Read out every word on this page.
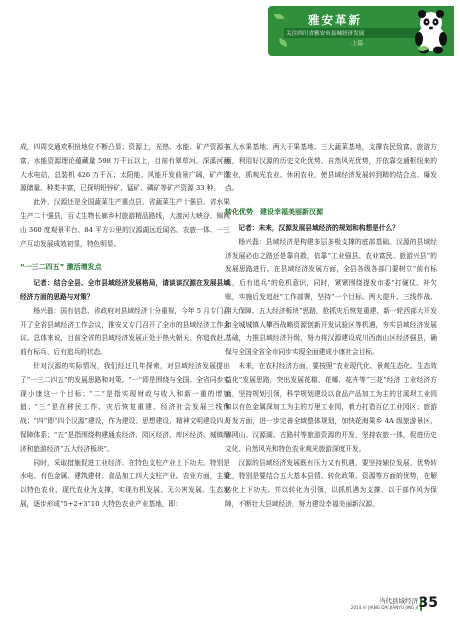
雅安革新
关注四川省雅安市县城经济发展
·上篇·

成，四周交通欢积扭地位不断凸显；资源上，光热、水能、矿产资源丰富，水能资源理论蕴藏量 598 万千瓦以上，目前有翠草河、深溪河两大水电站，总装机 426 万千瓦；太阳能、风能开发前景广阔，矿产资源储量、种类丰富，已探明铅锌矿、锰矿、磷矿等矿产资源 33 种。

此外，汉源还是全国蔬菜生产重点县、省蔬菜生产十强县、省水果生产二十强县，百丈生物长廊乡村旅游精品路线，大渡河大峡谷、锦网山 360 度观景平台、84 平方公里的汉源湖远近闻名。农旅一体、一三产互动发展成效初显，特色明显。

“一三二四五” 激活增发点

记者：结合全县、全市县域经济发展格局，请谈谈汉源在发展县域经济方面的思路与对策？

杨兴磊：国有信息、省政府对县域经济十分重视，今年 5 月专门召开了全省县域经济工作会议，推安又专门召开了全市的县域经济工作会议。总体来说，目前全省的县域经济发展正处于热火朝天、你追我赶、前有标兵、后有追兵的状态。

针对汉源的实际情况，我们经过几年探索，对县域经济发展提出了“一三二四五”的发展思路和对策。“一”即是围绕与全国、全省同步实现小康这一个目标；“二”是指实现财政与收入和新一重的增加值；“三”是在移民工作、灾后恢复重建、经济社会发展三线作战；“四”即“四个汉源”建设，作为建设、思想建设、精神文明建设四大保障体系；“五”是指围绕构建通农经济、园区经济、库区经济、城镇经济和旅游经济“五大经济板块”。

同时，采取措施促进工业经济、在特色支柱产业上下功夫。特别是水电、有色金属、建筑建材、食品加工四大支柱产业。农业方面，主要以特色农业、现代农业为支撑，实现有机发展、无公害发展、生态发展，逐步形成“5+2+3”10 大特色农业产业基地，即：

五大水果基地、两大干果基地、三大蔬菜基地，支撑农民致富。旅游方面，利用好汉源的历史文化优势、自然风光优势，并依靠交通枢纽来的农业，抓观光农业、休闲农业，使县域经济发展转到精的结合点、爆发点。

转化优势　建设幸福美丽新汉源

记者：未来，汉源发展县域经济的规划和构想是什么？

杨兴磊：县域经济是构建多层多极支撑的底部基础。汉源的县域经济发展必由之路还是靠自救，依靠“工业强县、农业富民、旅游兴县”的发展思路进行。在县域经济发展方面，全县各级各部门要树立“前有标兵，后有追兵”的危机意识，同时，紧紧围绕提发市委“打硬仗、补欠账，实施后发追赶”工作部署，坚持“一个目标、两大提升、三线作战、四大保障、五大经济板块”思路，抢抓灾后恢复重建、新一轮西部大开发和全城城镇人攀西战略资源创新开发试验区等机遇，夯实县域经济发展基础，力推县域经济升级，努力将汉源建设成川西南山区经济强县，确保与全国全省全市同步实现全面建成小康社会目标。

未来，在农村经济方面，要按照“农业现代化、景观生态化、生态效益化”发展思路，突出发展花椒、花椰、花卉等“三花”经济 工业经济方面，坚持规划引领，科学规划建设以食品产品加工为主的甘溪坝工业园和以有色金属深加工为主的万里工业园，着力打造百亿工业园区；旅游开发方面，进一步完善全域整体规划，加快花海果乡 4A 级旅游景区、锦网山、汉源湖、古路村等旅游资源的开发，坚持农旅一体，促进历史文化、自然风光和特色农业观光旅游深度开发。

汉源的县域经济发展既有压力又有机遇，要坚持辅位发展、优势转化，特别是要结合五大基本县情、转化政策、资源等方面的优势，在解转化上下功夫。并以转化为引领，以抓机遇为支撑、以干部作风为保障，不断壮大县域经济，努力建设幸福美丽新汉源。

当代县域经济
2014 年 JIANG DAI JIANYU JING JI 35
